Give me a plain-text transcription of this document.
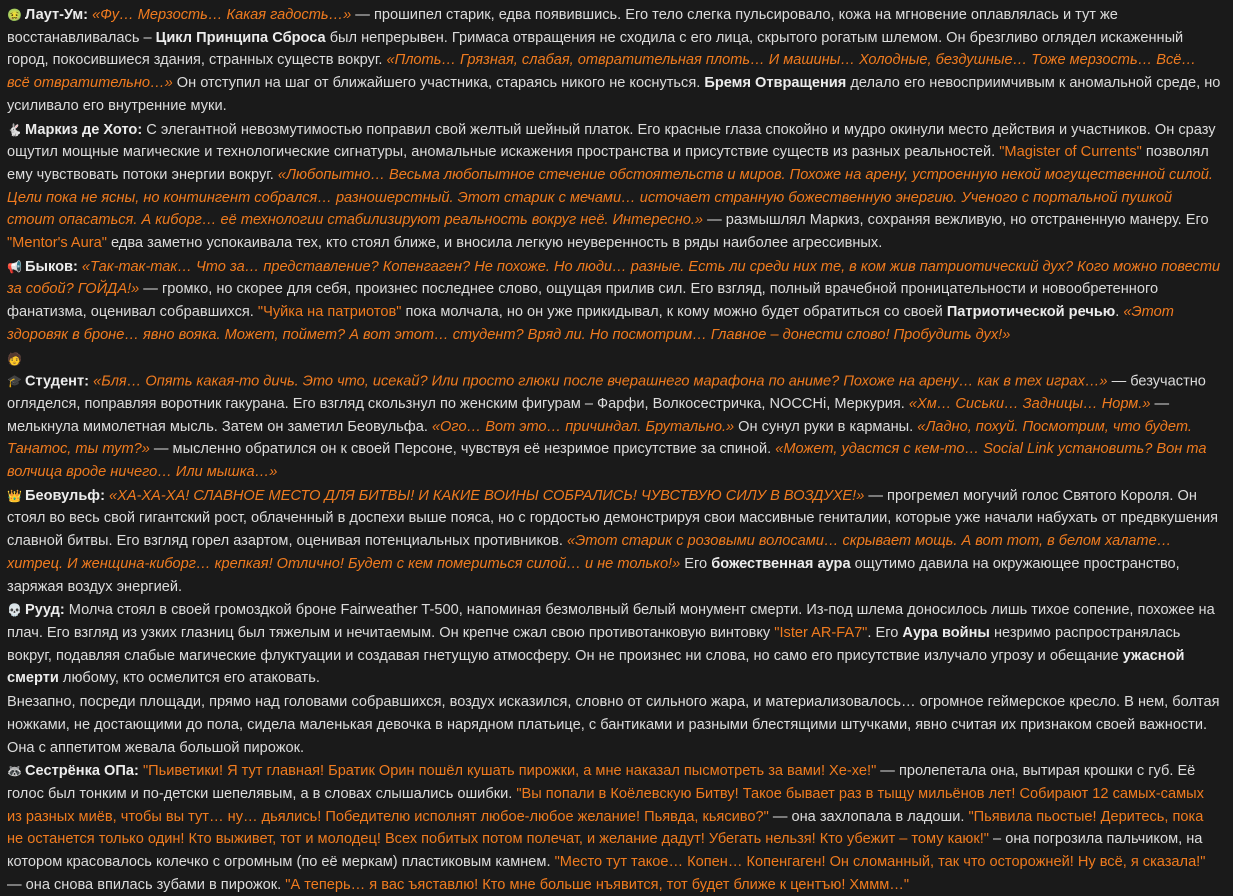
🤢 Лаут-Ум: «Фу… Мерзость… Какая гадость…» — прошипел старик, едва появившись. Его тело слегка пульсировало, кожа на мгновение оплавлялась и тут же восстанавливалась – Цикл Принципа Сброса был непрерывен. Гримаса отвращения не сходила с его лица, скрытого рогатым шлемом. Он брезгливо оглядел искаженный город, покосившиеся здания, странных существ вокруг. «Плоть… Грязная, слабая, отвратительная плоть… И машины… Холодные, бездушные… Тоже мерзость… Всё… всё отвратительно…» Он отступил на шаг от ближайшего участника, стараясь никого не коснуться. Бремя Отвращения делало его невосприимчивым к аномальной среде, но усиливало его внутренние муки.

🐇 Маркиз де Хото: С элегантной невозмутимостью поправил свой желтый шейный платок. Его красные глаза спокойно и мудро окинули место действия и участников. Он сразу ощутил мощные магические и технологические сигнатуры, аномальные искажения пространства и присутствие существ из разных реальностей. "Magister of Currents" позволял ему чувствовать потоки энергии вокруг. «Любопытно… Весьма любопытное стечение обстоятельств и миров. Похоже на арену, устроенную некой могущественной силой. Цели пока не ясны, но контингент собрался… разношерстный. Этот старик с мечами… источает странную божественную энергию. Ученого с портальной пушкой стоит опасаться. А киборг… её технологии стабилизируют реальность вокруг неё. Интересно.» — размышлял Маркиз, сохраняя вежливую, но отстраненную манеру. Его "Mentor's Aura" едва заметно успокаивала тех, кто стоял ближе, и вносила легкую неуверенность в ряды наиболее агрессивных.

📢 Быков: «Так-так-так… Что за… представление? Копенгаген? Не похоже. Но люди… разные. Есть ли среди них те, в ком жив патриотический дух? Кого можно повести за собой? ГОЙДА!» — громко, но скорее для себя, произнес последнее слово, ощущая прилив сил. Его взгляд, полный врачебной проницательности и новообретенного фанатизма, оценивал собравшихся. "Чуйка на патриотов" пока молчала, но он уже прикидывал, к кому можно будет обратиться со своей Патриотической речью. «Этот здоровяк в броне… явно вояка. Может, поймет? А вот этот… студент? Вряд ли. Но посмотрим… Главное – донести слово! Пробудить дух!»

🧑🎓 Студент: «Бля… Опять какая-то дичь. Это что, исекай? Или просто глюки после вчерашнего марафона по аниме? Похоже на арену… как в тех играх…» — безучастно огляделся, поправляя воротник гакурана. Его взгляд скользнул по женским фигурам – Фарфи, Волкосестричка, NOCCHi, Меркурия. «Хм… Сиськи… Задницы… Норм.» — мелькнула мимолетная мысль. Затем он заметил Беовульфа. «Ого… Вот это… причиндал. Брутально.» Он сунул руки в карманы. «Ладно, похуй. Посмотрим, что будет. Танатос, ты тут?» — мысленно обратился он к своей Персоне, чувствуя её незримое присутствие за спиной. «Может, удастся с кем-то… Social Link установить? Вон та волчица вроде ничего… Или мышка…»

👑 Беовульф: «ХА-ХА-ХА! СЛАВНОЕ МЕСТО ДЛЯ БИТВЫ! И КАКИЕ ВОИНЫ СОБРАЛИСЬ! ЧУВСТВУЮ СИЛУ В ВОЗДУХЕ!» — прогремел могучий голос Святого Короля. Он стоял во весь свой гигантский рост, облаченный в доспехи выше пояса, но с гордостью демонстрируя свои массивные гениталии, которые уже начали набухать от предвкушения славной битвы. Его взгляд горел азартом, оценивая потенциальных противников. «Этот старик с розовыми волосами… скрывает мощь. А вот тот, в белом халате… хитрец. И женщина-киборг… крепкая! Отлично! Будет с кем помериться силой… и не только!» Его божественная аура ощутимо давила на окружающее пространство, заряжая воздух энергией.

💀 Рууд: Молча стоял в своей громоздкой броне Fairweather T-500, напоминая безмолвный белый монумент смерти. Из-под шлема доносилось лишь тихое сопение, похожее на плач. Его взгляд из узких глазниц был тяжелым и нечитаемым. Он крепче сжал свою противотанковую винтовку "Ister AR-FA7". Его Аура войны незримо распространялась вокруг, подавляя слабые магические флуктуации и создавая гнетущую атмосферу. Он не произнес ни слова, но само его присутствие излучало угрозу и обещание ужасной смерти любому, кто осмелится его атаковать.

Внезапно, посреди площади, прямо над головами собравшихся, воздух исказился, словно от сильного жара, и материализовалось… огромное геймерское кресло. В нем, болтая ножками, не достающими до пола, сидела маленькая девочка в нарядном платьице, с бантиками и разными блестящими штучками, явно считая их признаком своей важности. Она с аппетитом жевала большой пирожок.

🦝 Сестрёнка ОПа: "Пьиветики! Я тут главная! Братик Орин пошёл кушать пирожки, а мне наказал пысмотреть за вами! Хе-хе!" — пролепетала она, вытирая крошки с губ. Её голос был тонким и по-детски шепелявым, а в словах слышались ошибки. "Вы попали в Коёлевскую Битву! Такое бывает раз в тыщу мильёнов лет! Собирают 12 самых-самых из разных миёв, чтобы вы тут… ну… дьялись! Победителю исполнят любое-любое желание! Пьявда, кьясиво?" — она захлопала в ладоши. "Пьявила пьостые! Деритесь, пока не останется только один! Кто выживет, тот и молодец! Всех побитых потом полечат, и желание дадут! Убегать нельзя! Кто убежит – тому каюк!" – она погрозила пальчиком, на котором красовалось колечко с огромным (по её меркам) пластиковым камнем. "Место тут такое… Копен… Копенгаген! Он сломанный, так что осторожней! Ну всё, я сказала!" — она снова впилась зубами в пирожок. "А теперь… я вас ъяставлю! Кто мне больше нъявится, тот будет ближе к центъю! Хммм…"
